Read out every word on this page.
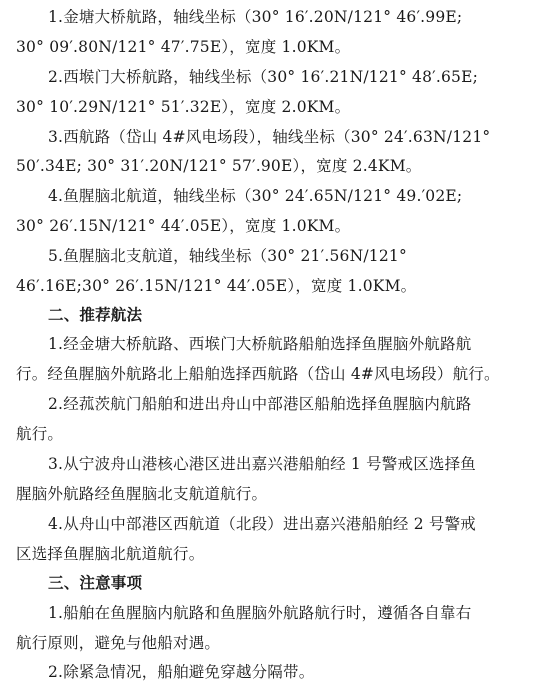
1.金塘大桥航路，轴线坐标（30° 16′.20N/121° 46′.99E;
30° 09′.80N/121° 47′.75E），宽度 1.0KM。
2.西堠门大桥航路，轴线坐标（30° 16′.21N/121° 48′.65E;
30° 10′.29N/121° 51′.32E），宽度 2.0KM。
3.西航路（岱山 4#风电场段），轴线坐标（30° 24′.63N/121°
50′.34E; 30° 31′.20N/121° 57′.90E），宽度 2.4KM。
4.鱼腥脑北航道，轴线坐标（30° 24′.65N/121° 49.′02E;
30° 26′.15N/121° 44′.05E），宽度 1.0KM。
5.鱼腥脑北支航道，轴线坐标（30° 21′.56N/121°
46′.16E;30° 26′.15N/121° 44′.05E），宽度 1.0KM。
二、推荐航法
1.经金塘大桥航路、西堠门大桥航路船舶选择鱼腥脑外航路航
行。经鱼腥脑外航路北上船舶选择西航路（岱山 4#风电场段）航行。
2.经菰茨航门船舶和进出舟山中部港区船舶选择鱼腥脑内航路
航行。
3.从宁波舟山港核心港区进出嘉兴港船舶经 1 号警戒区选择鱼
腥脑外航路经鱼腥脑北支航道航行。
4.从舟山中部港区西航道（北段）进出嘉兴港船舶经 2 号警戒
区选择鱼腥脑北航道航行。
三、注意事项
1.船舶在鱼腥脑内航路和鱼腥脑外航路航行时，遵循各自靠右
航行原则，避免与他船对遇。
2.除紧急情况，船舶避免穿越分隔带。
